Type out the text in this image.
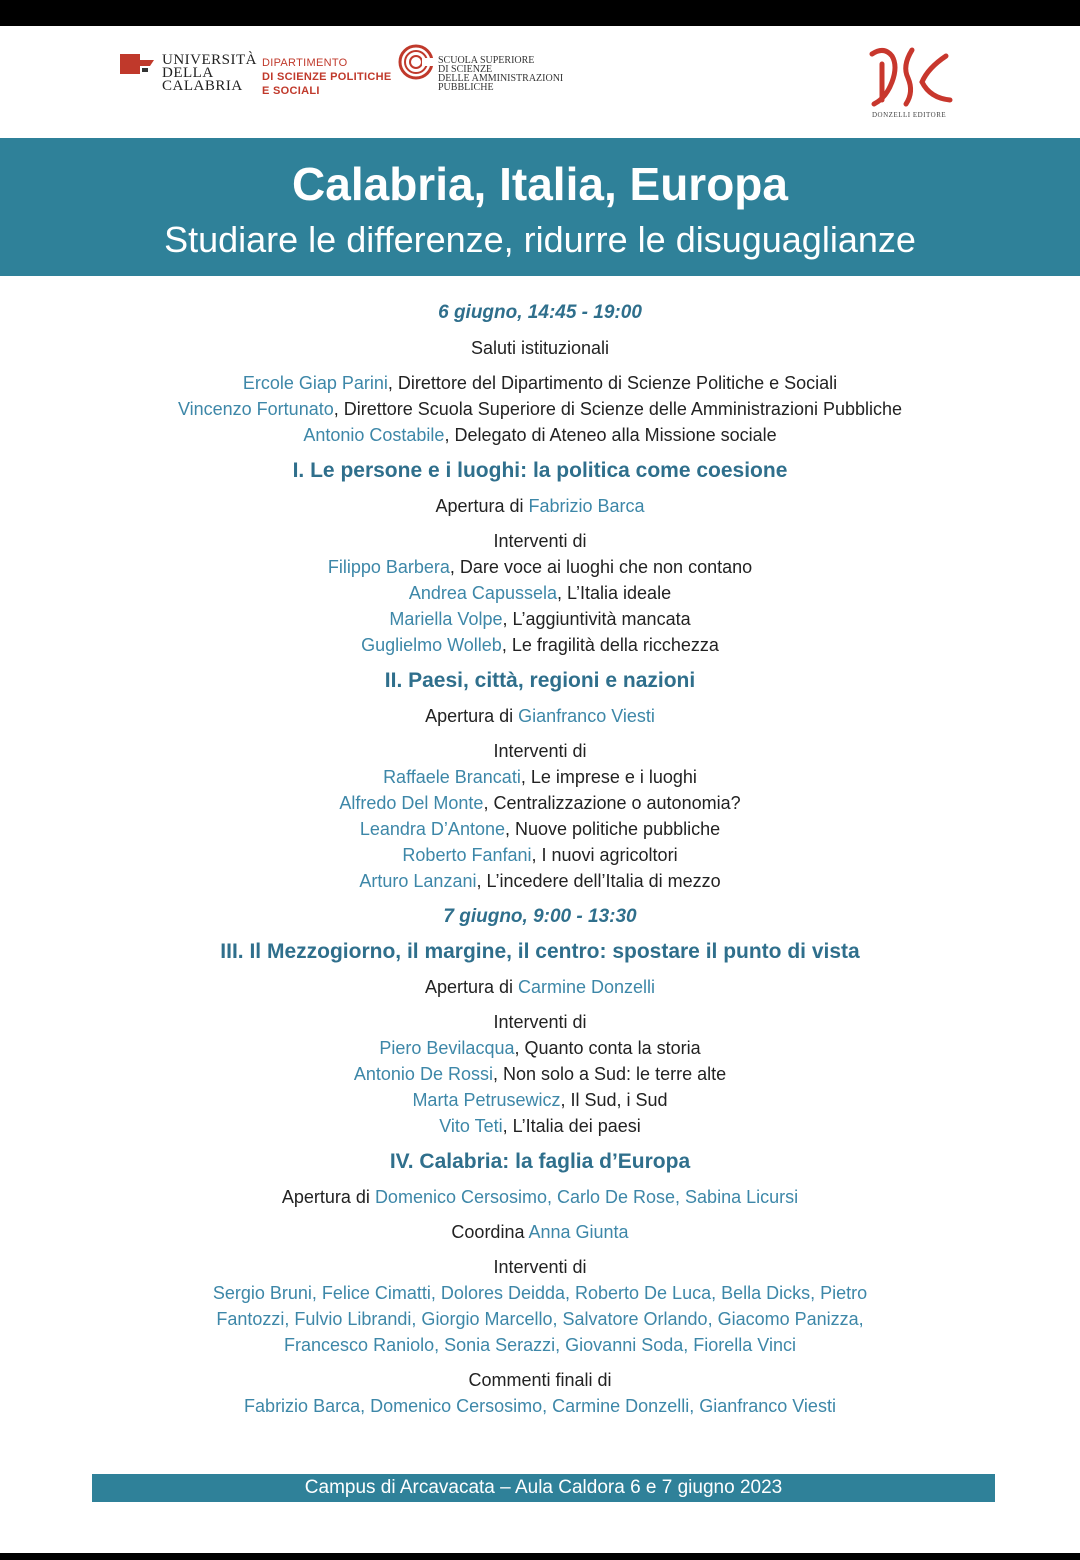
UNIVERSITÀ
DELLA
CALABRIA
DIPARTIMENTO
DI SCIENZE POLITICHE
E SOCIALI
SCUOLA SUPERIORE
DI SCIENZE
DELLE AMMINISTRAZIONI
PUBBLICHE
DONZELLI EDITORE
Calabria, Italia, Europa
Studiare le differenze, ridurre le disuguaglianze
6 giugno, 14:45 - 19:00
Saluti istituzionali
Ercole Giap Parini, Direttore del Dipartimento di Scienze Politiche e Sociali
Vincenzo Fortunato, Direttore Scuola Superiore di Scienze delle Amministrazioni Pubbliche
Antonio Costabile, Delegato di Ateneo alla Missione sociale
I. Le persone e i luoghi: la politica come coesione
Apertura di Fabrizio Barca
Interventi di
Filippo Barbera, Dare voce ai luoghi che non contano
Andrea Capussela, L’Italia ideale
Mariella Volpe, L’aggiuntività mancata
Guglielmo Wolleb, Le fragilità della ricchezza
II. Paesi, città, regioni e nazioni
Apertura di Gianfranco Viesti
Interventi di
Raffaele Brancati, Le imprese e i luoghi
Alfredo Del Monte, Centralizzazione o autonomia?
Leandra D’Antone, Nuove politiche pubbliche
Roberto Fanfani, I nuovi agricoltori
Arturo Lanzani, L’incedere dell’Italia di mezzo
7 giugno, 9:00 - 13:30
III. Il Mezzogiorno, il margine, il centro: spostare il punto di vista
Apertura di Carmine Donzelli
Interventi di
Piero Bevilacqua, Quanto conta la storia
Antonio De Rossi, Non solo a Sud: le terre alte
Marta Petrusewicz, Il Sud, i Sud
Vito Teti, L’Italia dei paesi
IV. Calabria: la faglia d’Europa
Apertura di Domenico Cersosimo, Carlo De Rose, Sabina Licursi
Coordina Anna Giunta
Interventi di
Sergio Bruni, Felice Cimatti, Dolores Deidda, Roberto De Luca, Bella Dicks, Pietro Fantozzi, Fulvio Librandi, Giorgio Marcello, Salvatore Orlando, Giacomo Panizza, Francesco Raniolo, Sonia Serazzi, Giovanni Soda, Fiorella Vinci
Commenti finali di
Fabrizio Barca, Domenico Cersosimo, Carmine Donzelli, Gianfranco Viesti
Campus di Arcavacata – Aula Caldora 6 e 7 giugno 2023
